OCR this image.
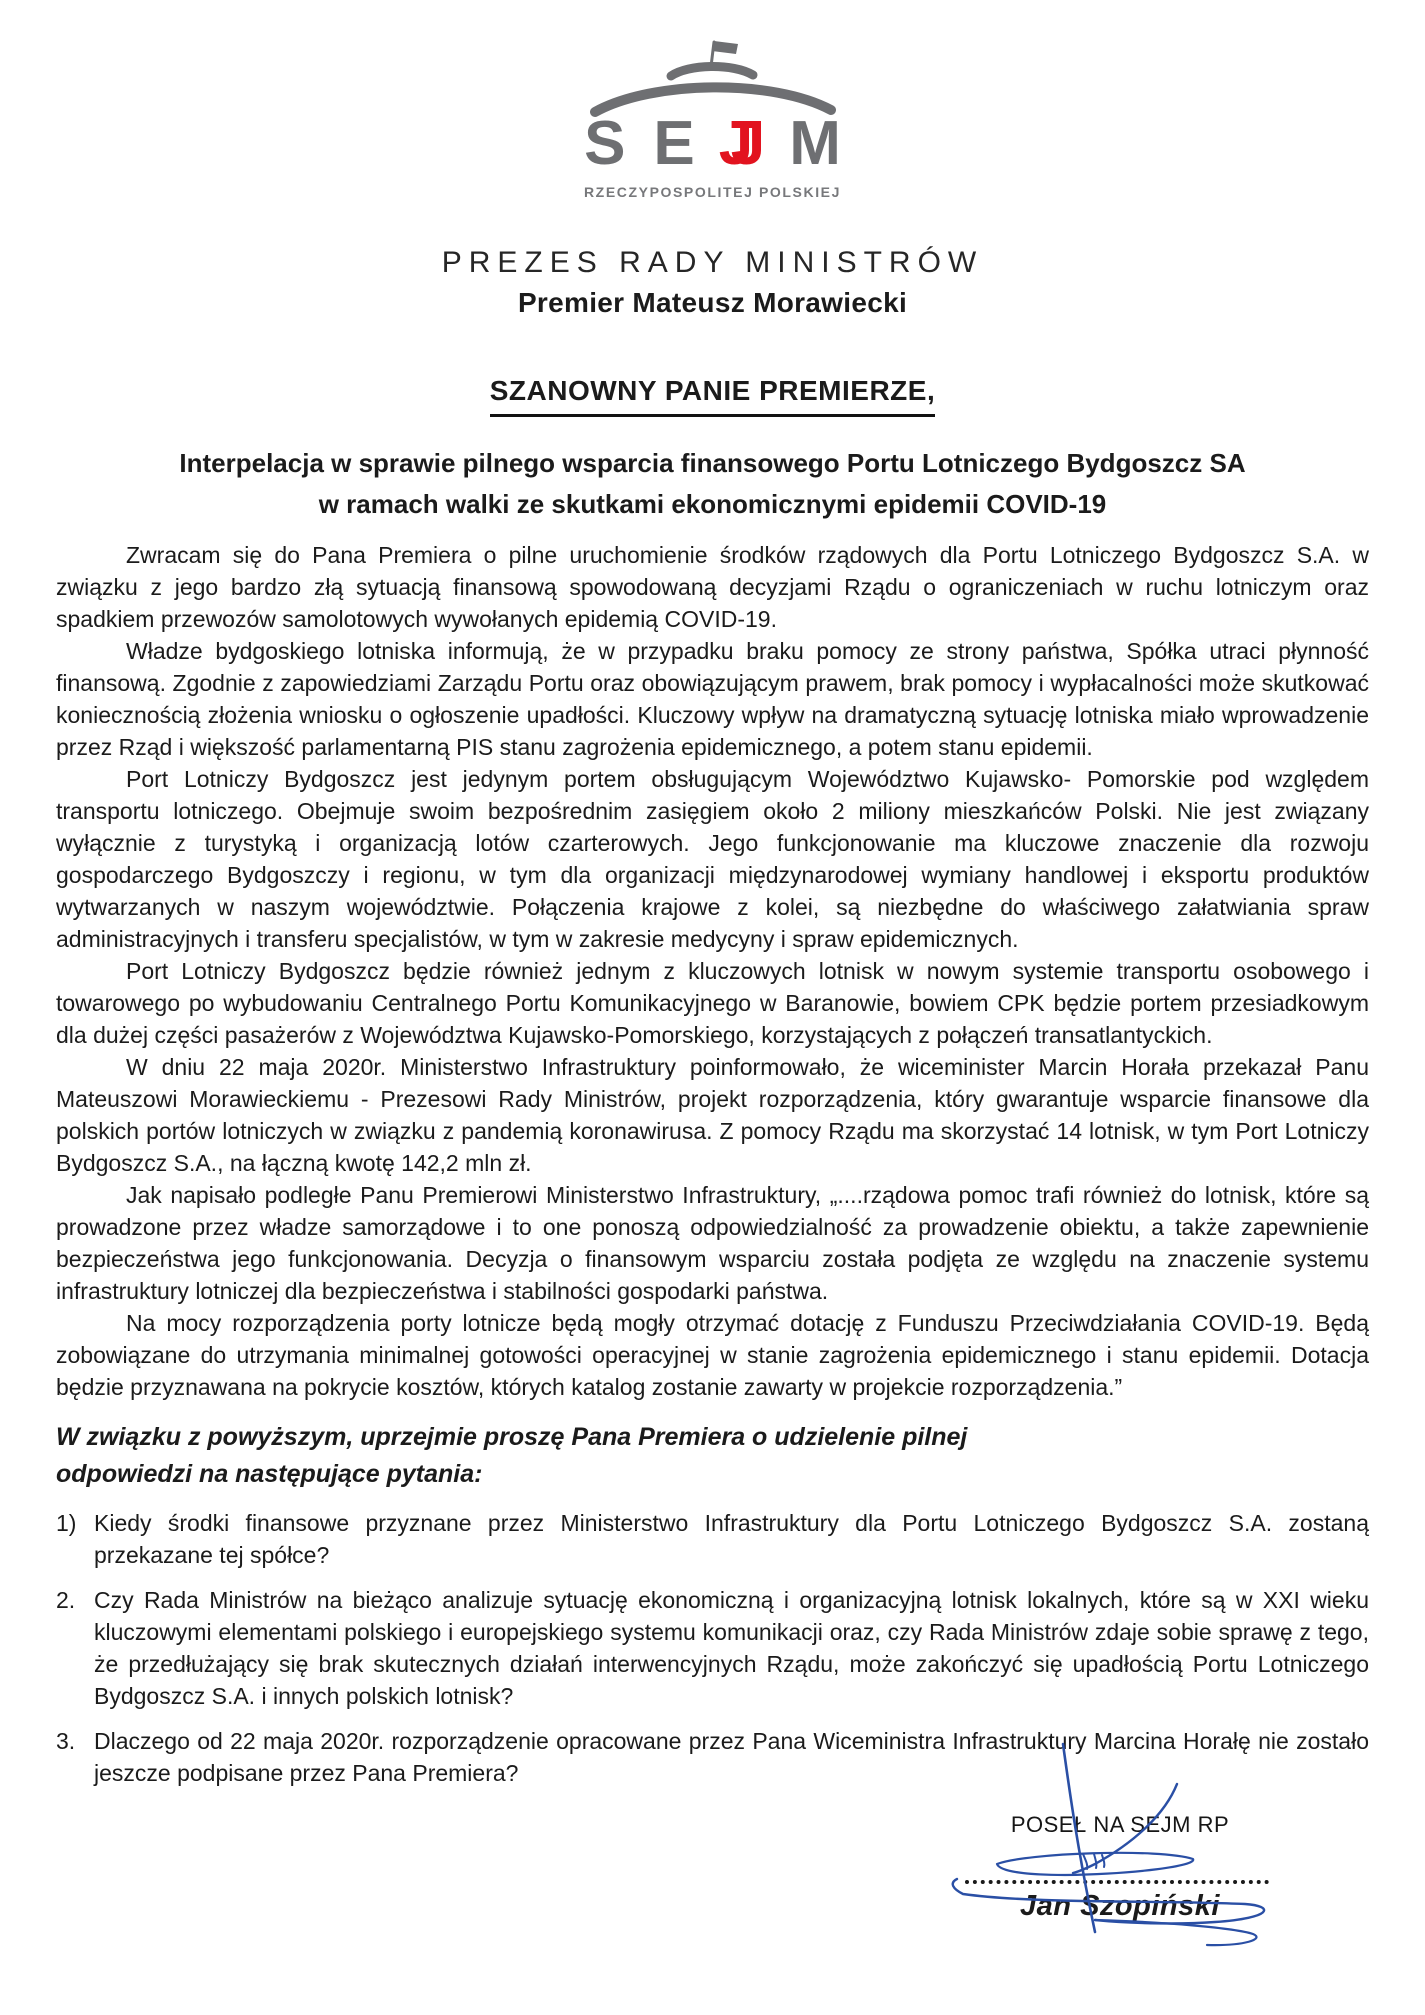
S E J M
RZECZYPOSPOLITEJ POLSKIEJ
PREZES RADY MINISTRÓW
Premier Mateusz Morawiecki
SZANOWNY PANIE PREMIERZE,
Interpelacja w sprawie pilnego wsparcia finansowego Portu Lotniczego Bydgoszcz SA
w ramach walki ze skutkami ekonomicznymi epidemii COVID-19

Zwracam się do Pana Premiera o pilne uruchomienie środków rządowych dla Portu Lotniczego Bydgoszcz S.A. w związku z jego bardzo złą sytuacją finansową spowodowaną decyzjami Rządu o ograniczeniach w ruchu lotniczym oraz spadkiem przewozów samolotowych wywołanych epidemią COVID-19.

Władze bydgoskiego lotniska informują, że w przypadku braku pomocy ze strony państwa, Spółka utraci płynność finansową. Zgodnie z zapowiedziami Zarządu Portu oraz obowiązującym prawem, brak pomocy i wypłacalności może skutkować koniecznością złożenia wniosku o ogłoszenie upadłości. Kluczowy wpływ na dramatyczną sytuację lotniska miało wprowadzenie przez Rząd i większość parlamentarną PIS stanu zagrożenia epidemicznego, a potem stanu epidemii.

Port Lotniczy Bydgoszcz jest jedynym portem obsługującym Województwo Kujawsko- Pomorskie pod względem transportu lotniczego. Obejmuje swoim bezpośrednim zasięgiem około 2 miliony mieszkańców Polski. Nie jest związany wyłącznie z turystyką i organizacją lotów czarterowych. Jego funkcjonowanie ma kluczowe znaczenie dla rozwoju gospodarczego Bydgoszczy i regionu, w tym dla organizacji międzynarodowej wymiany handlowej i eksportu produktów wytwarzanych w naszym województwie. Połączenia krajowe z kolei, są niezbędne do właściwego załatwiania spraw administracyjnych i transferu specjalistów, w tym w zakresie medycyny i spraw epidemicznych.

Port Lotniczy Bydgoszcz będzie również jednym z kluczowych lotnisk w nowym systemie transportu osobowego i towarowego po wybudowaniu Centralnego Portu Komunikacyjnego w Baranowie, bowiem CPK będzie portem przesiadkowym dla dużej części pasażerów z Województwa Kujawsko-Pomorskiego, korzystających z połączeń transatlantyckich.

W dniu 22 maja 2020r. Ministerstwo Infrastruktury poinformowało, że wiceminister Marcin Horała przekazał Panu Mateuszowi Morawieckiemu - Prezesowi Rady Ministrów, projekt rozporządzenia, który gwarantuje wsparcie finansowe dla polskich portów lotniczych w związku z pandemią koronawirusa. Z pomocy Rządu ma skorzystać 14 lotnisk, w tym Port Lotniczy Bydgoszcz S.A., na łączną kwotę 142,2 mln zł.

Jak napisało podległe Panu Premierowi Ministerstwo Infrastruktury, „....rządowa pomoc trafi również do lotnisk, które są prowadzone przez władze samorządowe i to one ponoszą odpowiedzialność za prowadzenie obiektu, a także zapewnienie bezpieczeństwa jego funkcjonowania. Decyzja o finansowym wsparciu została podjęta ze względu na znaczenie systemu infrastruktury lotniczej dla bezpieczeństwa i stabilności gospodarki państwa.

Na mocy rozporządzenia porty lotnicze będą mogły otrzymać dotację z Funduszu Przeciwdziałania COVID-19. Będą zobowiązane do utrzymania minimalnej gotowości operacyjnej w stanie zagrożenia epidemicznego i stanu epidemii. Dotacja będzie przyznawana na pokrycie kosztów, których katalog zostanie zawarty w projekcie rozporządzenia.”

W związku z powyższym, uprzejmie proszę Pana Premiera o udzielenie pilnej
odpowiedzi na następujące pytania:
1) Kiedy środki finansowe przyznane przez Ministerstwo Infrastruktury dla Portu Lotniczego Bydgoszcz S.A. zostaną przekazane tej spółce?
2. Czy Rada Ministrów na bieżąco analizuje sytuację ekonomiczną i organizacyjną lotnisk lokalnych, które są w XXI wieku kluczowymi elementami polskiego i europejskiego systemu komunikacji oraz, czy Rada Ministrów zdaje sobie sprawę z tego, że przedłużający się brak skutecznych działań interwencyjnych Rządu, może zakończyć się upadłością Portu Lotniczego Bydgoszcz S.A. i innych polskich lotnisk?
3. Dlaczego od 22 maja 2020r. rozporządzenie opracowane przez Pana Wiceministra Infrastruktury Marcina Horałę nie zostało jeszcze podpisane przez Pana Premiera?
POSEŁ NA SEJM RP
Jan Szopiński
